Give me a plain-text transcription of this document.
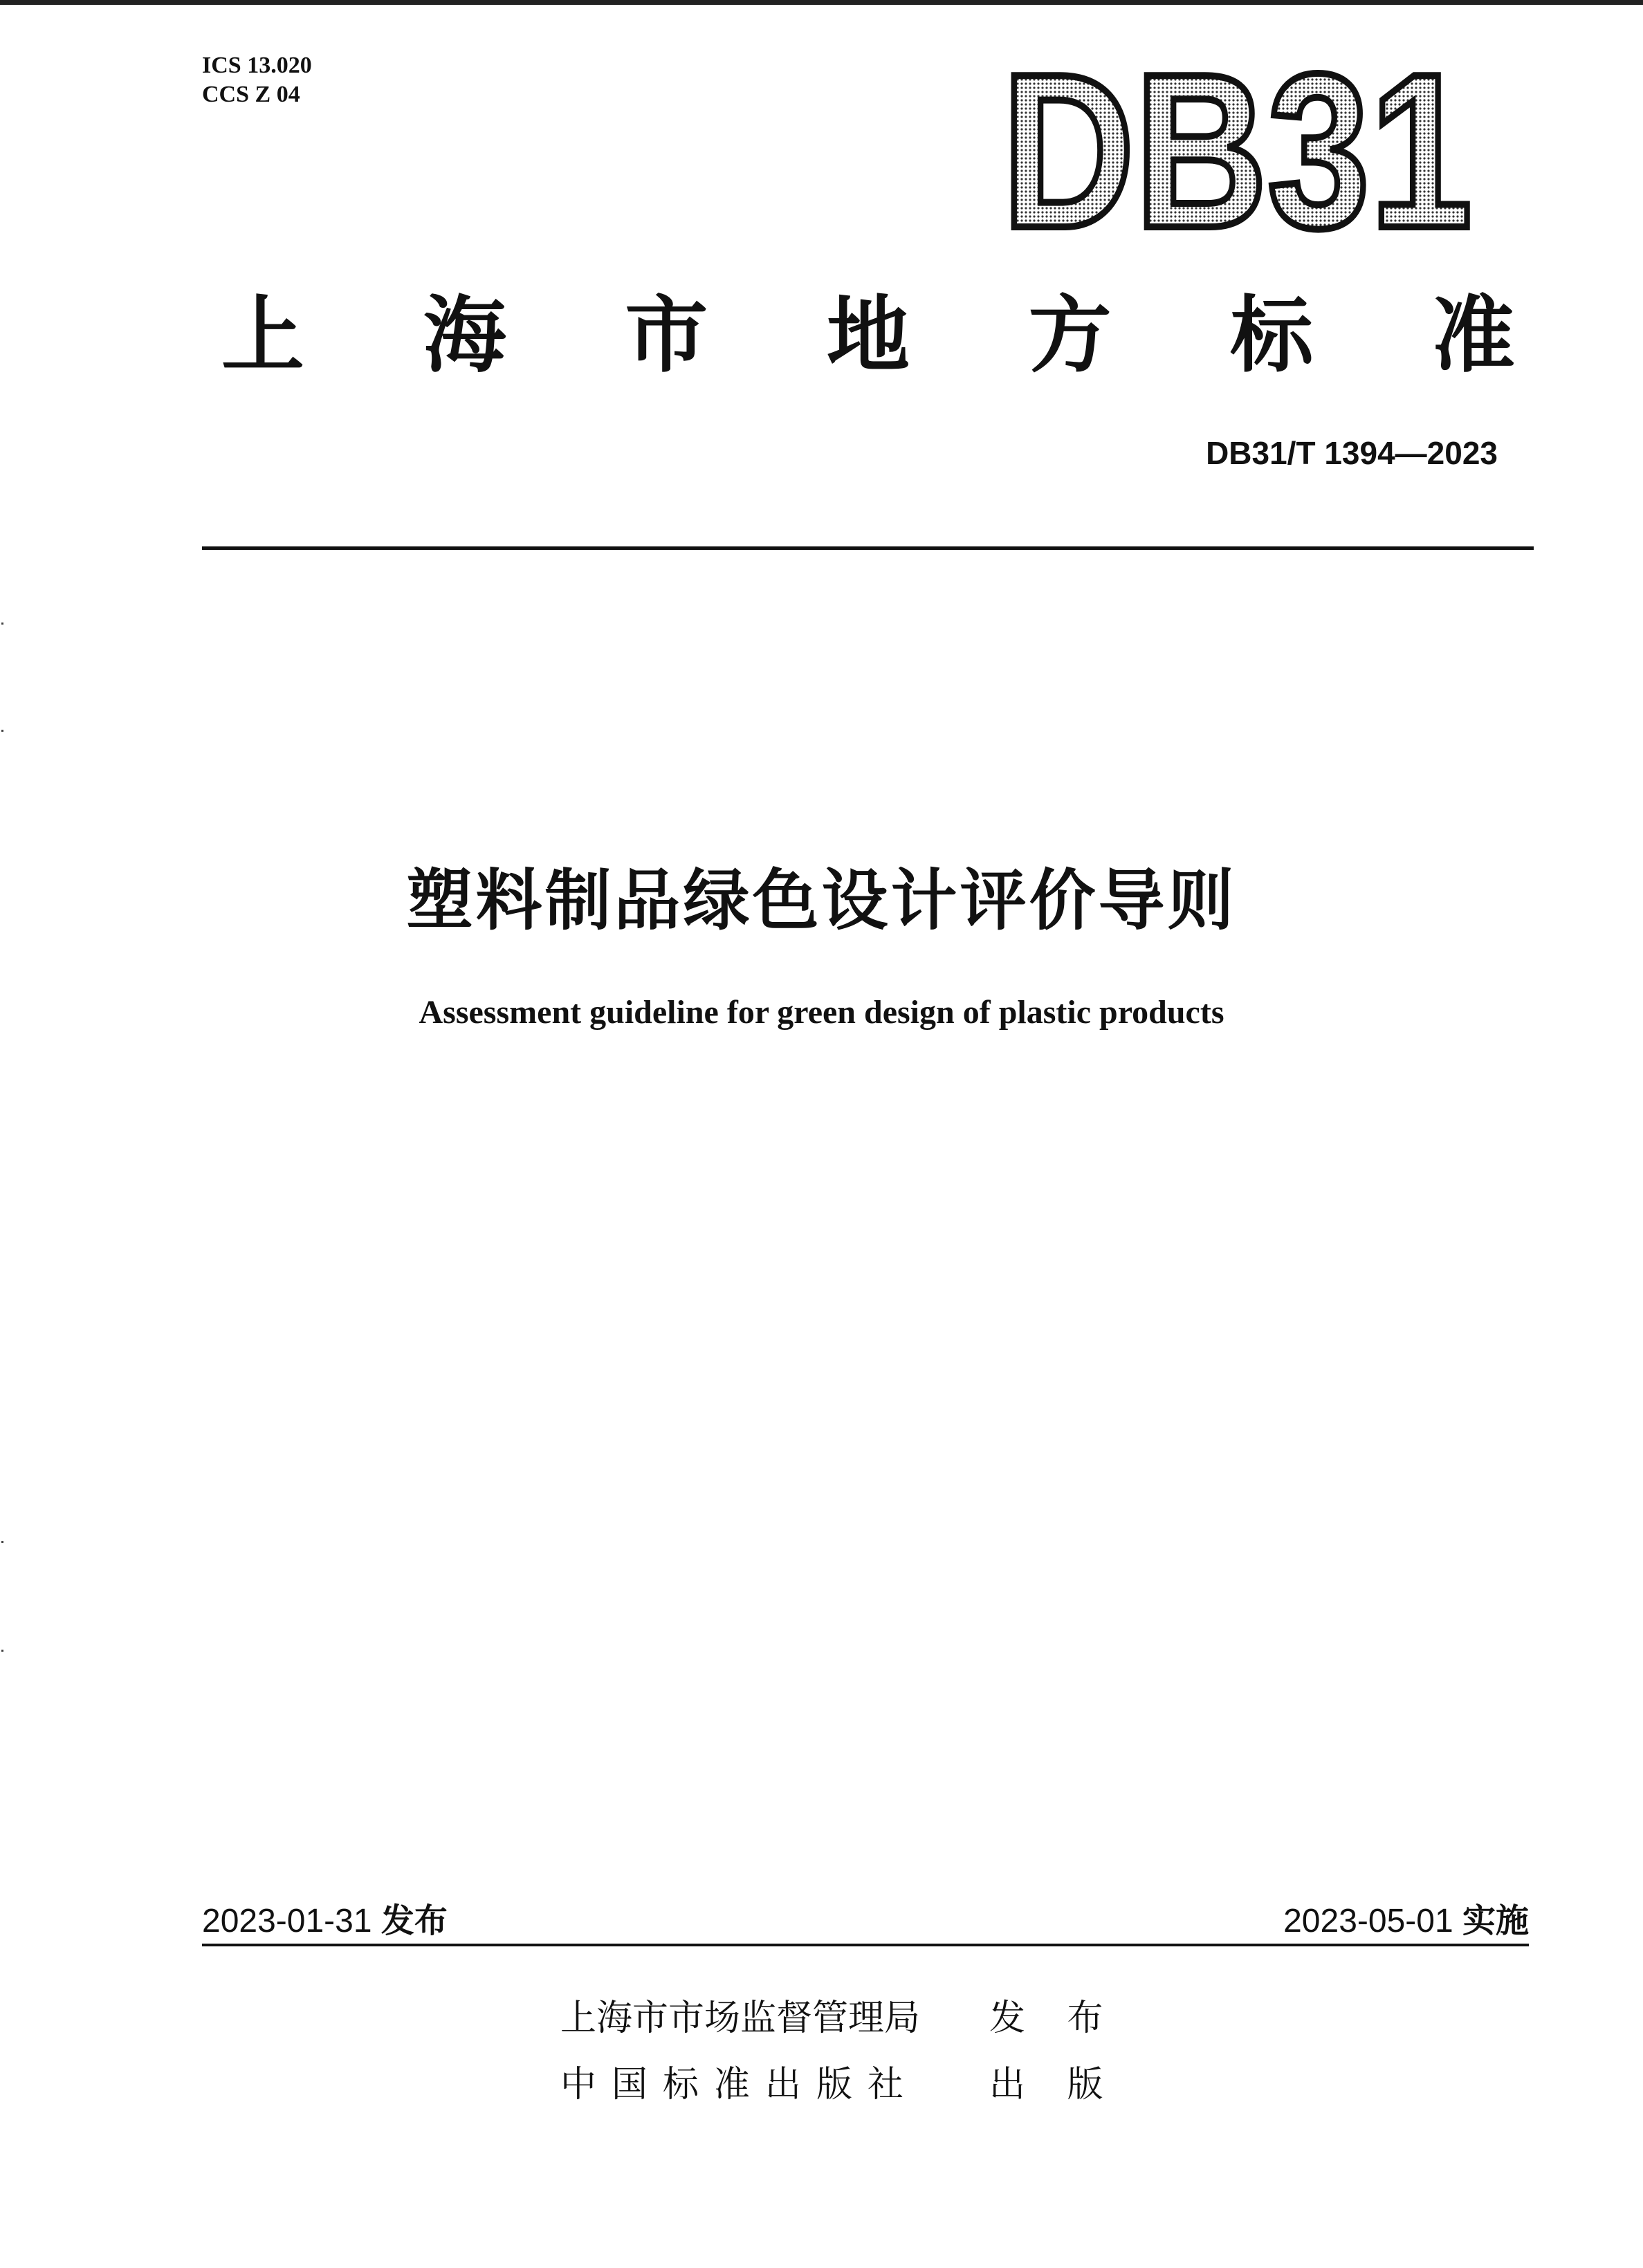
ICS 13.020
CCS Z 04	DB31
上 海 市 地 方 标 准
DB31/T 1394—2023
塑料制品绿色设计评价导则
Assessment guideline for green design of plastic products
2023-01-31 发布	2023-05-01 实施
上海市市场监督管理局	发 布
中国标准出版社	出 版
